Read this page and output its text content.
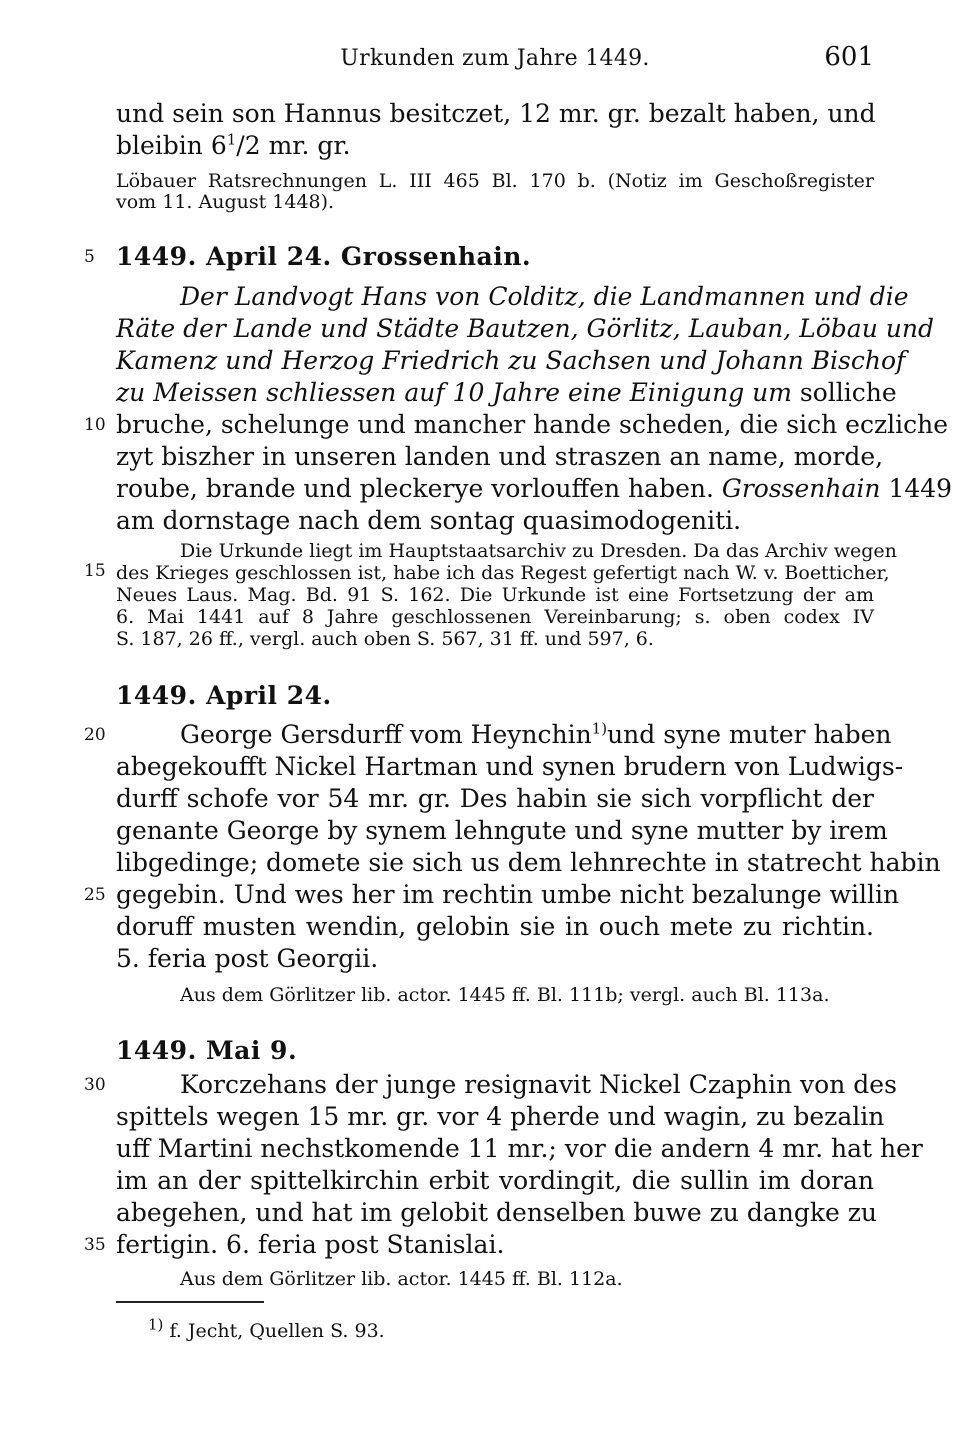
Urkunden zum Jahre 1449.	601
und sein son Hannus besitczet, 12 mr. gr. bezalt haben, und
bleibin $6^1/2$ mr. gr.
Löbauer Ratsrechnungen L. III 465 Bl. 170 b. (Notiz im Geschoßregister
vom 11. August 1448).
5 1449. April 24. Grossenhain.
Der Landvogt Hans von Colditz, die Landmannen und die
Räte der Lande und Städte Bautzen, Görlitz, Lauban, Löbau und
Kamenz und Herzog Friedrich zu Sachsen und Johann Bischof
zu Meissen schliessen auf 10 Jahre eine Einigung um solliche
10 bruche, schelunge und mancher hande scheden, die sich eczliche
zyt biszher in unseren landen und straszen an name, morde,
roube, brande und pleckerye vorlouffen haben. Grossenhain 1449
am dornstage nach dem sontag quasimodogeniti.
Die Urkunde liegt im Hauptstaatsarchiv zu Dresden. Da das Archiv wegen
15 des Krieges geschlossen ist, habe ich das Regest gefertigt nach W. v. Boetticher,
Neues Laus. Mag. Bd. 91 S. 162. Die Urkunde ist eine Fortsetzung der am
6. Mai 1441 auf 8 Jahre geschlossenen Vereinbarung; s. oben codex IV
S. 187, 26 ff., vergl. auch oben S. 567, 31 ff. und 597, 6.
1449. April 24.
20	George Gersdurff vom Heynchin$^{1)}$ und syne muter haben
abegekoufft Nickel Hartman und synen brudern von Ludwigs-
durff schofe vor 54 mr. gr. Des habin sie sich vorpflicht der
genante George by synem lehngute und syne mutter by irem
libgedinge; domete sie sich us dem lehnrechte in statrecht habin
25 gegebin. Und wes her im rechtin umbe nicht bezalunge willin
doruff musten wendin, gelobin sie in ouch mete zu richtin.
5. feria post Georgii.
Aus dem Görlitzer lib. actor. 1445 ff. Bl. 111b; vergl. auch Bl. 113a.
1449. Mai 9.
30	Korczehans der junge resignavit Nickel Czaphin von des
spittels wegen 15 mr. gr. vor 4 pherde und wagin, zu bezalin
uff Martini nechstkomende 11 mr.; vor die andern 4 mr. hat her
im an der spittelkirchin erbit vordingit, die sullin im doran
abegehen, und hat im gelobit denselben buwe zu dangke zu
35 fertigin. 6. feria post Stanislai.
Aus dem Görlitzer lib. actor. 1445 ff. Bl. 112a.
$^{1)}$ f. Jecht, Quellen S. 93.
